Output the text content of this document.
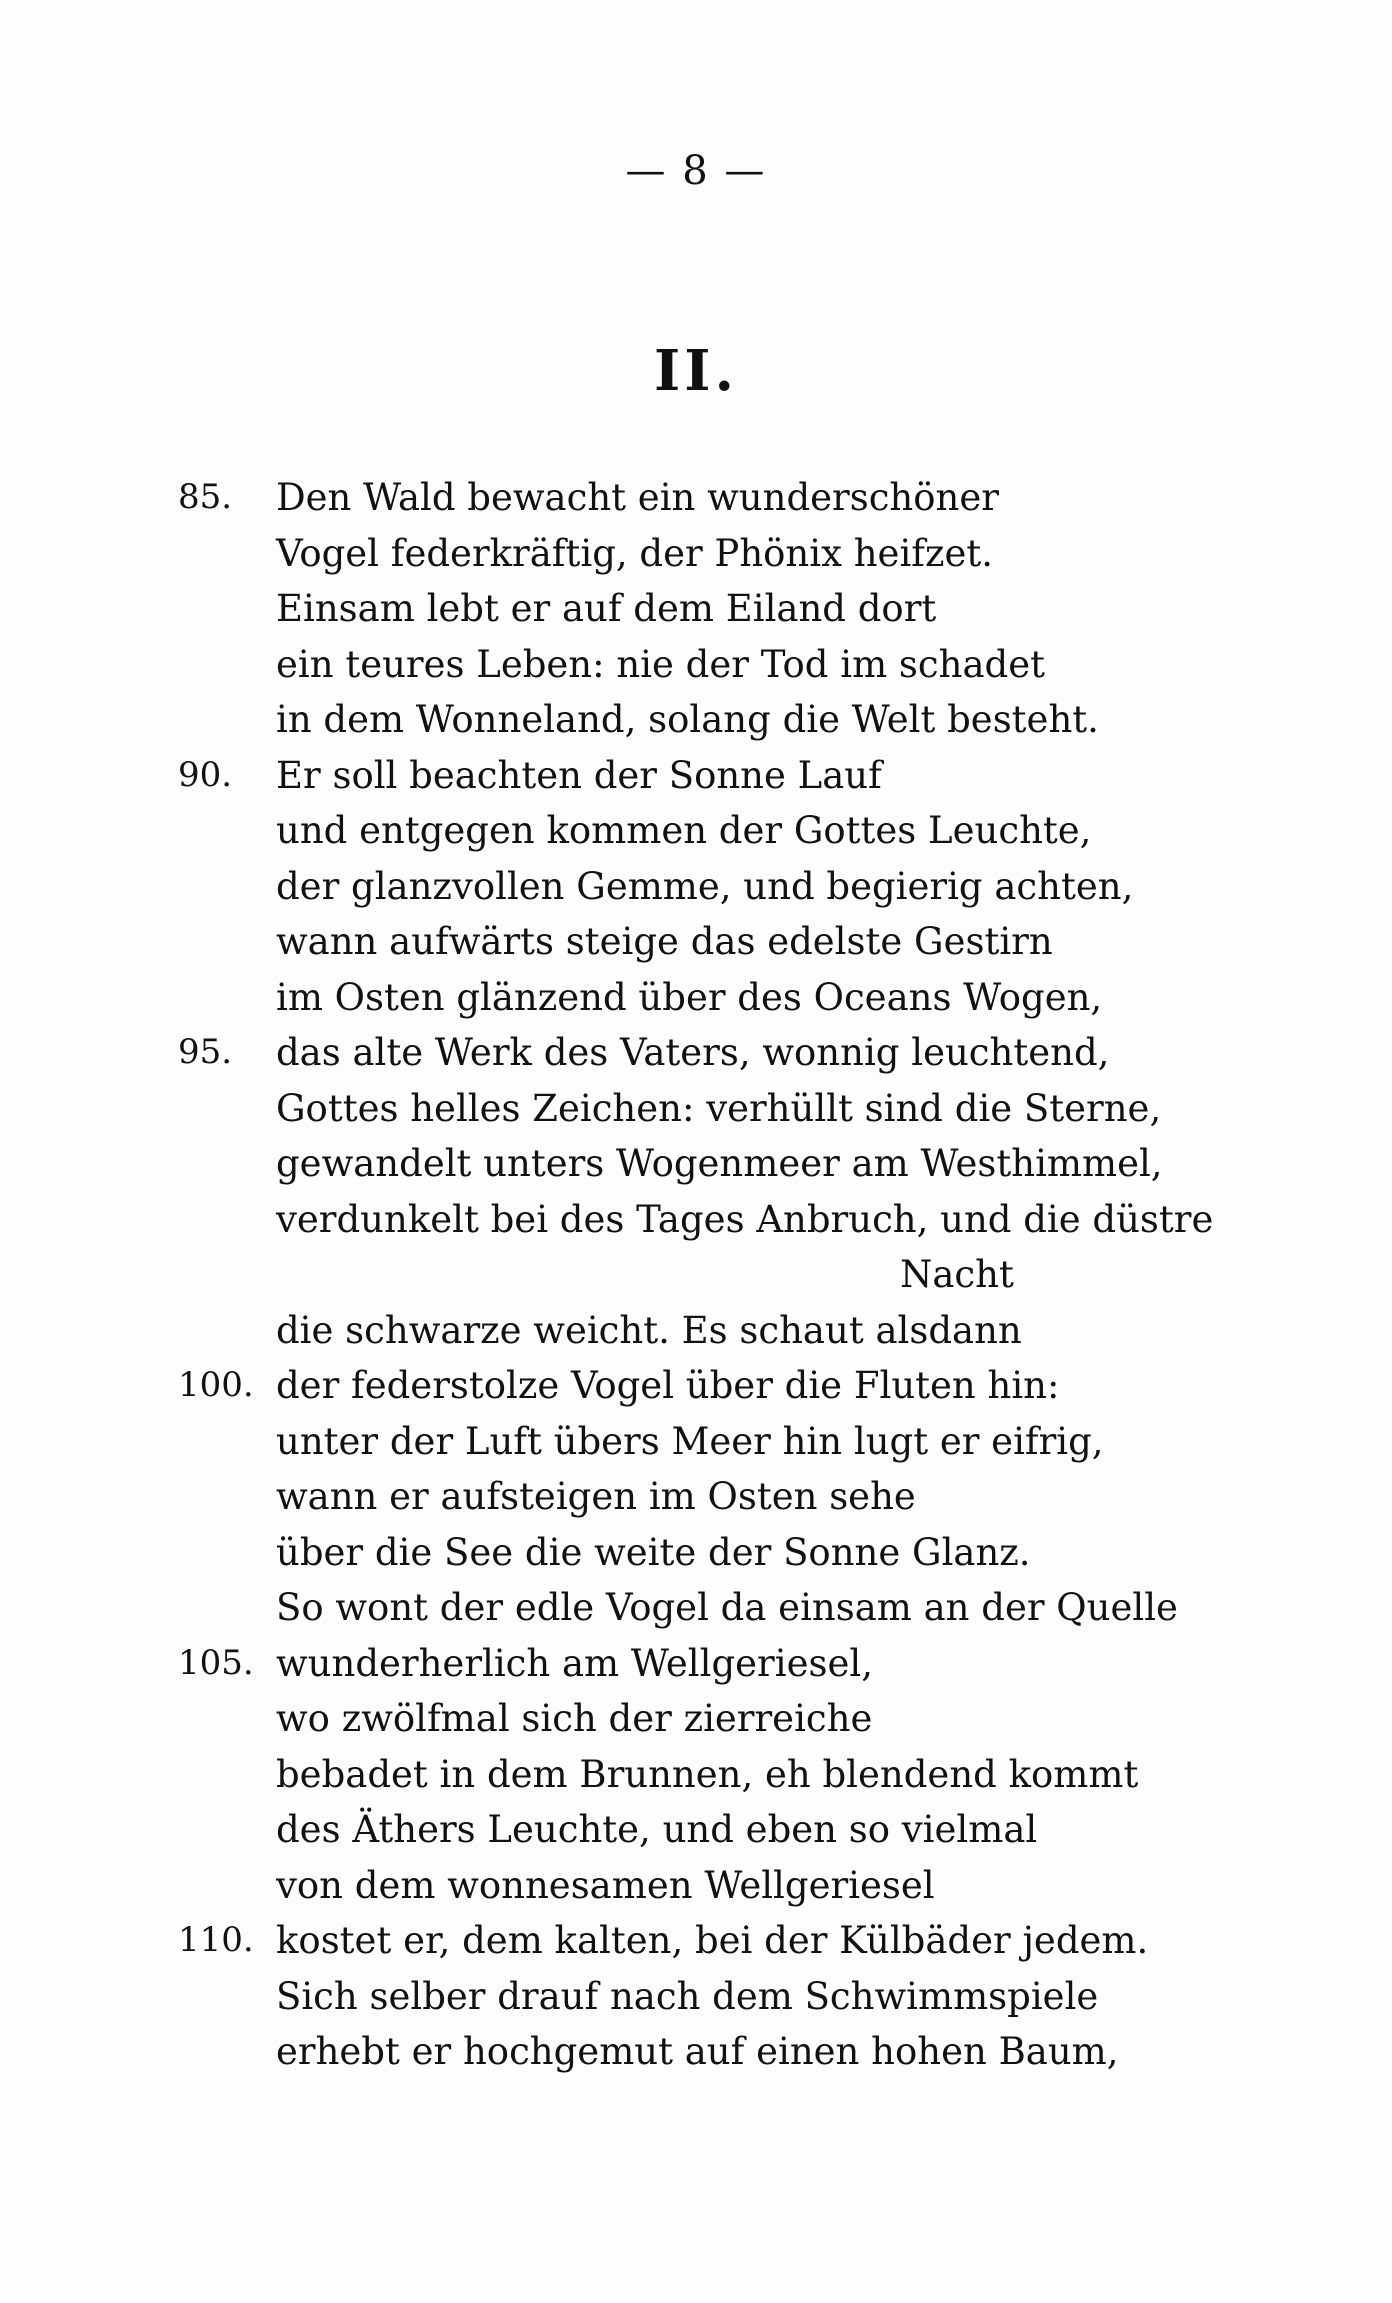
— 8 —
II.
85.	Den Wald bewacht ein wunderschöner
Vogel federkräftig, der Phönix heifzet.
Einsam lebt er auf dem Eiland dort
ein teures Leben: nie der Tod im schadet
in dem Wonneland, solang die Welt besteht.
90.	Er soll beachten der Sonne Lauf
und entgegen kommen der Gottes Leuchte,
der glanzvollen Gemme, und begierig achten,
wann aufwärts steige das edelste Gestirn
im Osten glänzend über des Oceans Wogen,
95.	das alte Werk des Vaters, wonnig leuchtend,
Gottes helles Zeichen: verhüllt sind die Sterne,
gewandelt unters Wogenmeer am Westhimmel,
verdunkelt bei des Tages Anbruch, und die düstre
Nacht
die schwarze weicht. Es schaut alsdann
100. der federstolze Vogel über die Fluten hin:
unter der Luft übers Meer hin lugt er eifrig,
wann er aufsteigen im Osten sehe
über die See die weite der Sonne Glanz.
So wont der edle Vogel da einsam an der Quelle
105. wunderherlich am Wellgeriesel,
wo zwölfmal sich der zierreiche
bebadet in dem Brunnen, eh blendend kommt
des Äthers Leuchte, und eben so vielmal
von dem wonnesamen Wellgeriesel
110. kostet er, dem kalten, bei der Külbäder jedem.
Sich selber drauf nach dem Schwimmspiele
erhebt er hochgemut auf einen hohen Baum,
